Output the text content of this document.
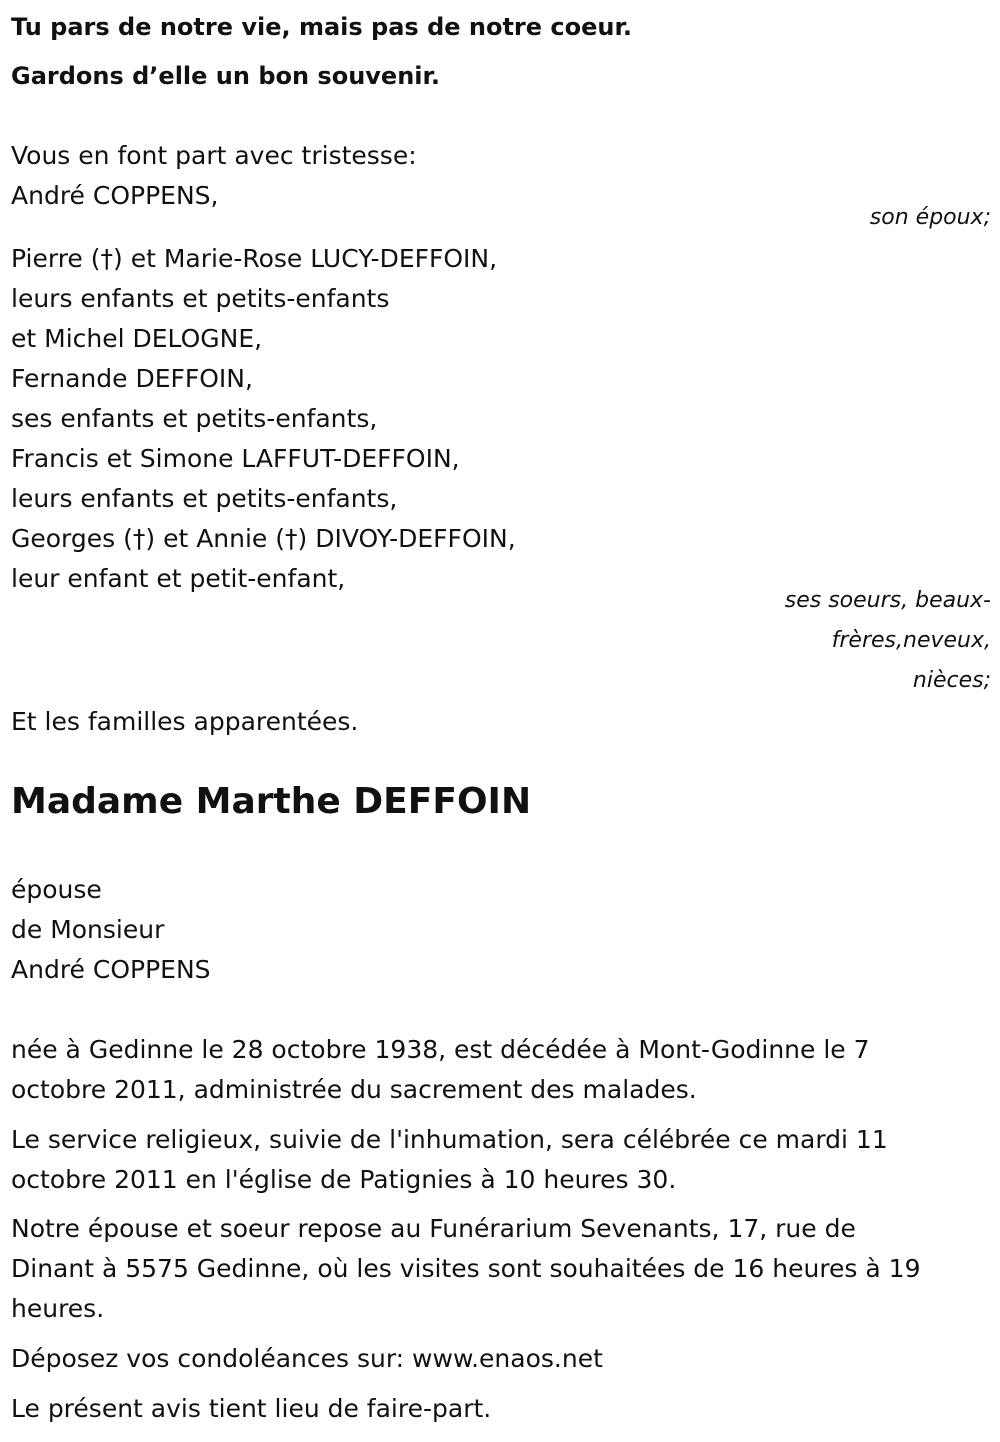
Tu pars de notre vie, mais pas de notre coeur.
Gardons d’elle un bon souvenir.
Vous en font part avec tristesse:
André COPPENS,
son époux;
Pierre (†) et Marie-Rose LUCY-DEFFOIN,
leurs enfants et petits-enfants
et Michel DELOGNE,
Fernande DEFFOIN,
ses enfants et petits-enfants,
Francis et Simone LAFFUT-DEFFOIN,
leurs enfants et petits-enfants,
Georges (†) et Annie (†) DIVOY-DEFFOIN,
leur enfant et petit-enfant,
ses soeurs, beaux-
frères,neveux,
nièces;
Et les familles apparentées.
Madame Marthe DEFFOIN
épouse
de Monsieur
André COPPENS
née à Gedinne le 28 octobre 1938, est décédée à Mont-Godinne le 7
octobre 2011, administrée du sacrement des malades.
Le service religieux, suivie de l'inhumation, sera célébrée ce mardi 11
octobre 2011 en l'église de Patignies à 10 heures 30.
Notre épouse et soeur repose au Funérarium Sevenants, 17, rue de
Dinant à 5575 Gedinne, où les visites sont souhaitées de 16 heures à 19
heures.
Déposez vos condoléances sur: www.enaos.net
Le présent avis tient lieu de faire-part.
